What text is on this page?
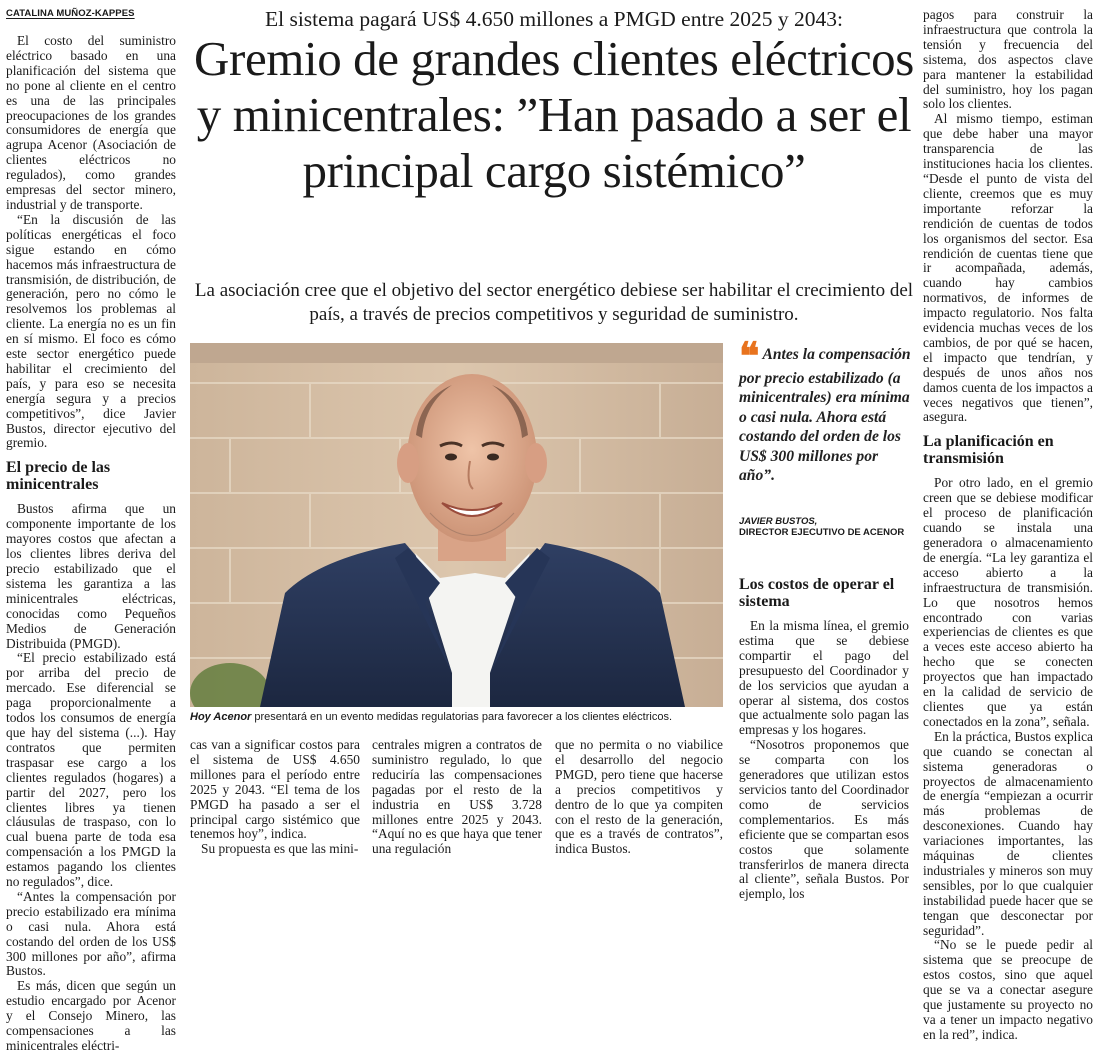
CATALINA MUÑOZ-KAPPES	El sistema pagará US$ 4.650 millones a PMGD entre 2025 y 2043:
Gremio de grandes clientes eléctricos y minicentrales: ”Han pasado a ser el principal cargo sistémico”
La asociación cree que el objetivo del sector energético debiese ser habilitar el crecimiento del país, a través de precios competitivos y seguridad de suministro.

El costo del suministro eléctrico basado en una planificación del sistema que no pone al cliente en el centro es una de las principales preocupaciones de los grandes consumidores de energía que agrupa Acenor (Asociación de clientes eléctricos no regulados), como grandes empresas del sector minero, industrial y de transporte.

“En la discusión de las políticas energéticas el foco sigue estando en cómo hacemos más infraestructura de transmisión, de distribución, de generación, pero no cómo le resolvemos los problemas al cliente. La energía no es un fin en sí mismo. El foco es cómo este sector energético puede habilitar el crecimiento del país, y para eso se necesita energía segura y a precios competitivos”, dice Javier Bustos, director ejecutivo del gremio.

El precio de las minicentrales

Bustos afirma que un componente importante de los mayores costos que afectan a los clientes libres deriva del precio estabilizado que el sistema les garantiza a las minicentrales eléctricas, conocidas como Pequeños Medios de Generación Distribuida (PMGD).

“El precio estabilizado está por arriba del precio de mercado. Ese diferencial se paga proporcionalmente a todos los consumos de energía que hay del sistema (...). Hay contratos que permiten traspasar ese cargo a los clientes regulados (hogares) a partir del 2027, pero los clientes libres ya tienen cláusulas de traspaso, con lo cual buena parte de toda esa compensación a los PMGD la estamos pagando los clientes no regulados”, dice.

“Antes la compensación por precio estabilizado era mínima o casi nula. Ahora está costando del orden de los US$ 300 millones por año”, afirma Bustos.

Es más, dicen que según un estudio encargado por Acenor y el Consejo Minero, las compensaciones a las minicentrales eléctri-

Hoy Acenor presentará en un evento medidas regulatorias para favorecer a los clientes eléctricos.
❝ Antes la compensación por precio estabilizado (a minicentrales) era mínima o casi nula. Ahora está costando del orden de los US$ 300 millones por año”.
JAVIER BUSTOS,
DIRECTOR EJECUTIVO DE ACENOR

cas van a significar costos para el sistema de US$ 4.650 millones para el período entre 2025 y 2043. “El tema de los PMGD ha pasado a ser el principal cargo sistémico que tenemos hoy”, indica.

Su propuesta es que las mini-

centrales migren a contratos de suministro regulado, lo que reduciría las compensaciones pagadas por el resto de la industria en US$ 3.728 millones entre 2025 y 2043. “Aquí no es que haya que tener una regulación

que no permita o no viabilice el desarrollo del negocio PMGD, pero tiene que hacerse a precios competitivos y dentro de lo que ya compiten con el resto de la generación, que es a través de contratos”, indica Bustos.

Los costos de operar el sistema

En la misma línea, el gremio estima que se debiese compartir el pago del presupuesto del Coordinador y de los servicios que ayudan a operar al sistema, dos costos que actualmente solo pagan las empresas y los hogares.

“Nosotros proponemos que se comparta con los generadores que utilizan estos servicios tanto del Coordinador como de servicios complementarios. Es más eficiente que se compartan esos costos que solamente transferirlos de manera directa al cliente”, señala Bustos. Por ejemplo, los

pagos para construir la infraestructura que controla la tensión y frecuencia del sistema, dos aspectos clave para mantener la estabilidad del suministro, hoy los pagan solo los clientes.

Al mismo tiempo, estiman que debe haber una mayor transparencia de las instituciones hacia los clientes. “Desde el punto de vista del cliente, creemos que es muy importante reforzar la rendición de cuentas de todos los organismos del sector. Esa rendición de cuentas tiene que ir acompañada, además, cuando hay cambios normativos, de informes de impacto regulatorio. Nos falta evidencia muchas veces de los cambios, de por qué se hacen, el impacto que tendrían, y después de unos años nos damos cuenta de los impactos a veces negativos que tienen”, asegura.

La planificación en transmisión

Por otro lado, en el gremio creen que se debiese modificar el proceso de planificación cuando se instala una generadora o almacenamiento de energía. “La ley garantiza el acceso abierto a la infraestructura de transmisión. Lo que nosotros hemos encontrado con varias experiencias de clientes es que a veces este acceso abierto ha hecho que se conecten proyectos que han impactado en la calidad de servicio de clientes que ya están conectados en la zona”, señala.

En la práctica, Bustos explica que cuando se conectan al sistema generadoras o proyectos de almacenamiento de energía “empiezan a ocurrir más problemas de desconexiones. Cuando hay variaciones importantes, las máquinas de clientes industriales y mineros son muy sensibles, por lo que cualquier instabilidad puede hacer que se tengan que desconectar por seguridad”.

“No se le puede pedir al sistema que se preocupe de estos costos, sino que aquel que se va a conectar asegure que justamente su proyecto no va a tener un impacto negativo en la red”, indica.
